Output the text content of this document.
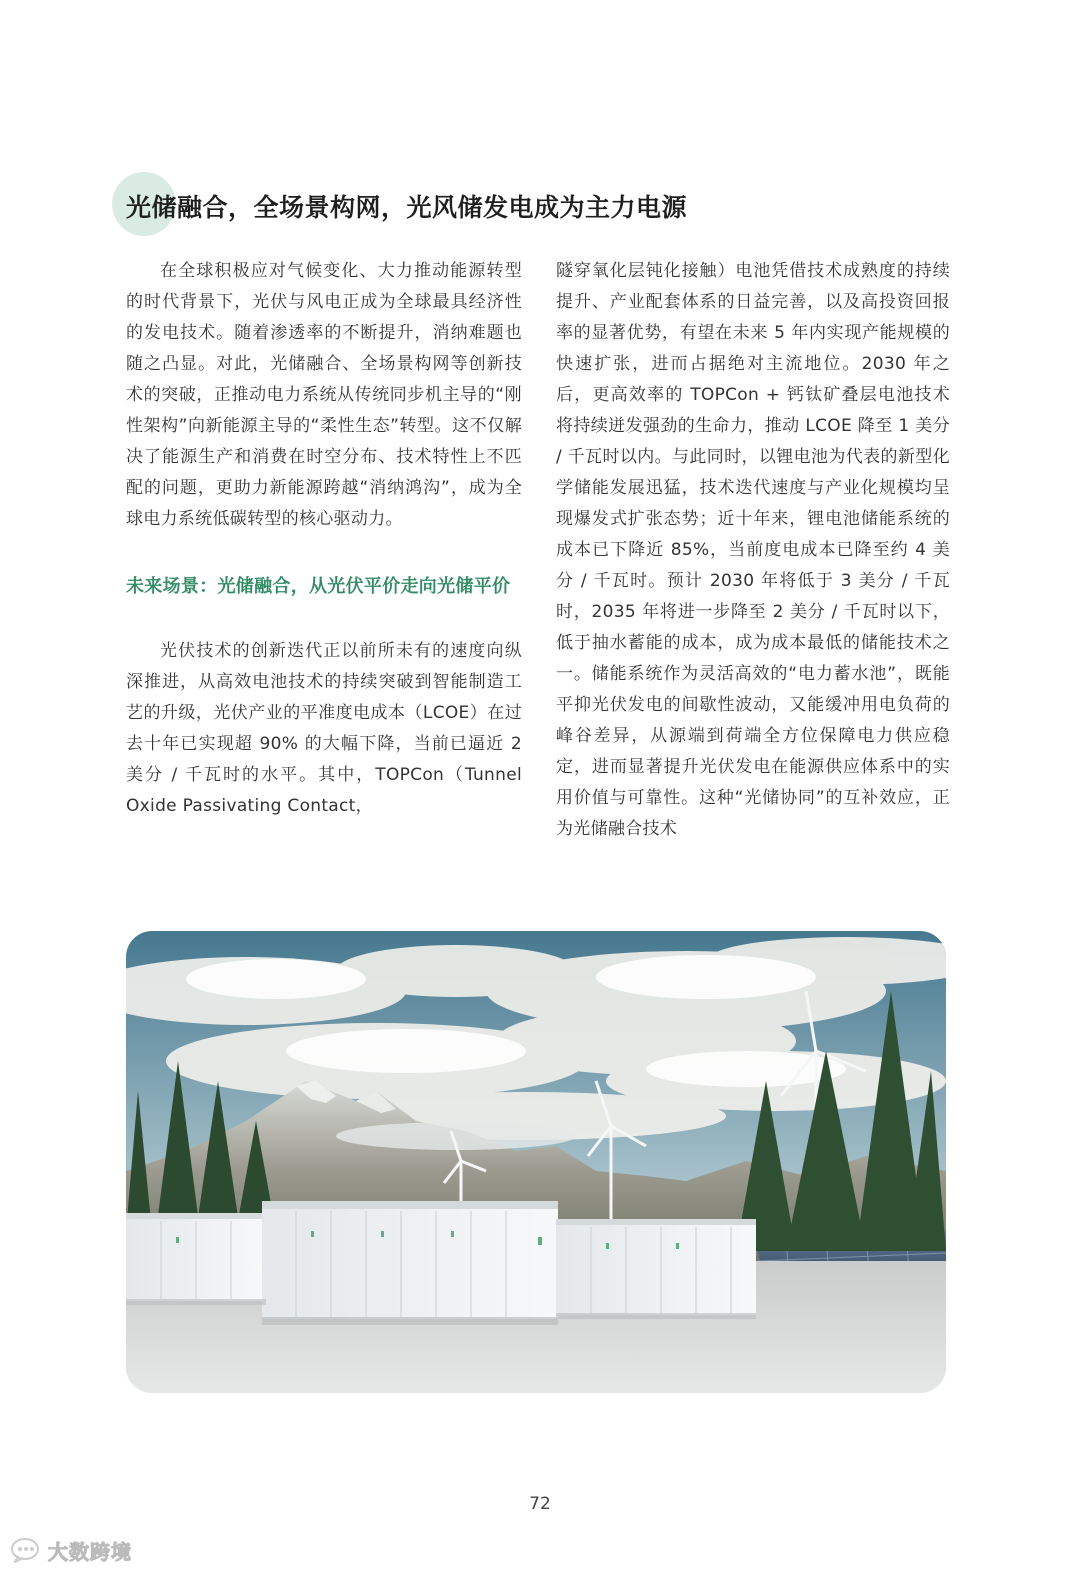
光储融合，全场景构网，光风储发电成为主力电源

在全球积极应对气候变化、大力推动能源转型的时代背景下，光伏与风电正成为全球最具经济性的发电技术。随着渗透率的不断提升，消纳难题也随之凸显。对此，光储融合、全场景构网等创新技术的突破，正推动电力系统从传统同步机主导的“刚性架构”向新能源主导的“柔性生态”转型。这不仅解决了能源生产和消费在时空分布、技术特性上不匹配的问题，更助力新能源跨越“消纳鸿沟”，成为全球电力系统低碳转型的核心驱动力。

未来场景：光储融合，从光伏平价走向光储平价

光伏技术的创新迭代正以前所未有的速度向纵深推进，从高效电池技术的持续突破到智能制造工艺的升级，光伏产业的平准度电成本（LCOE）在过去十年已实现超 90% 的大幅下降，当前已逼近 2 美分 / 千瓦时的水平。其中，TOPCon（Tunnel Oxide Passivating Contact，

隧穿氧化层钝化接触）电池凭借技术成熟度的持续提升、产业配套体系的日益完善，以及高投资回报率的显著优势，有望在未来 5 年内实现产能规模的快速扩张，进而占据绝对主流地位。2030 年之后，更高效率的 TOPCon + 钙钛矿叠层电池技术将持续迸发强劲的生命力，推动 LCOE 降至 1 美分 / 千瓦时以内。与此同时，以锂电池为代表的新型化学储能发展迅猛，技术迭代速度与产业化规模均呈现爆发式扩张态势；近十年来，锂电池储能系统的成本已下降近 85%，当前度电成本已降至约 4 美分 / 千瓦时。预计 2030 年将低于 3 美分 / 千瓦时，2035 年将进一步降至 2 美分 / 千瓦时以下，低于抽水蓄能的成本，成为成本最低的储能技术之一。储能系统作为灵活高效的“电力蓄水池”，既能平抑光伏发电的间歇性波动，又能缓冲用电负荷的峰谷差异，从源端到荷端全方位保障电力供应稳定，进而显著提升光伏发电在能源供应体系中的实用价值与可靠性。这种“光储协同”的互补效应，正为光储融合技术

72
大数跨境
